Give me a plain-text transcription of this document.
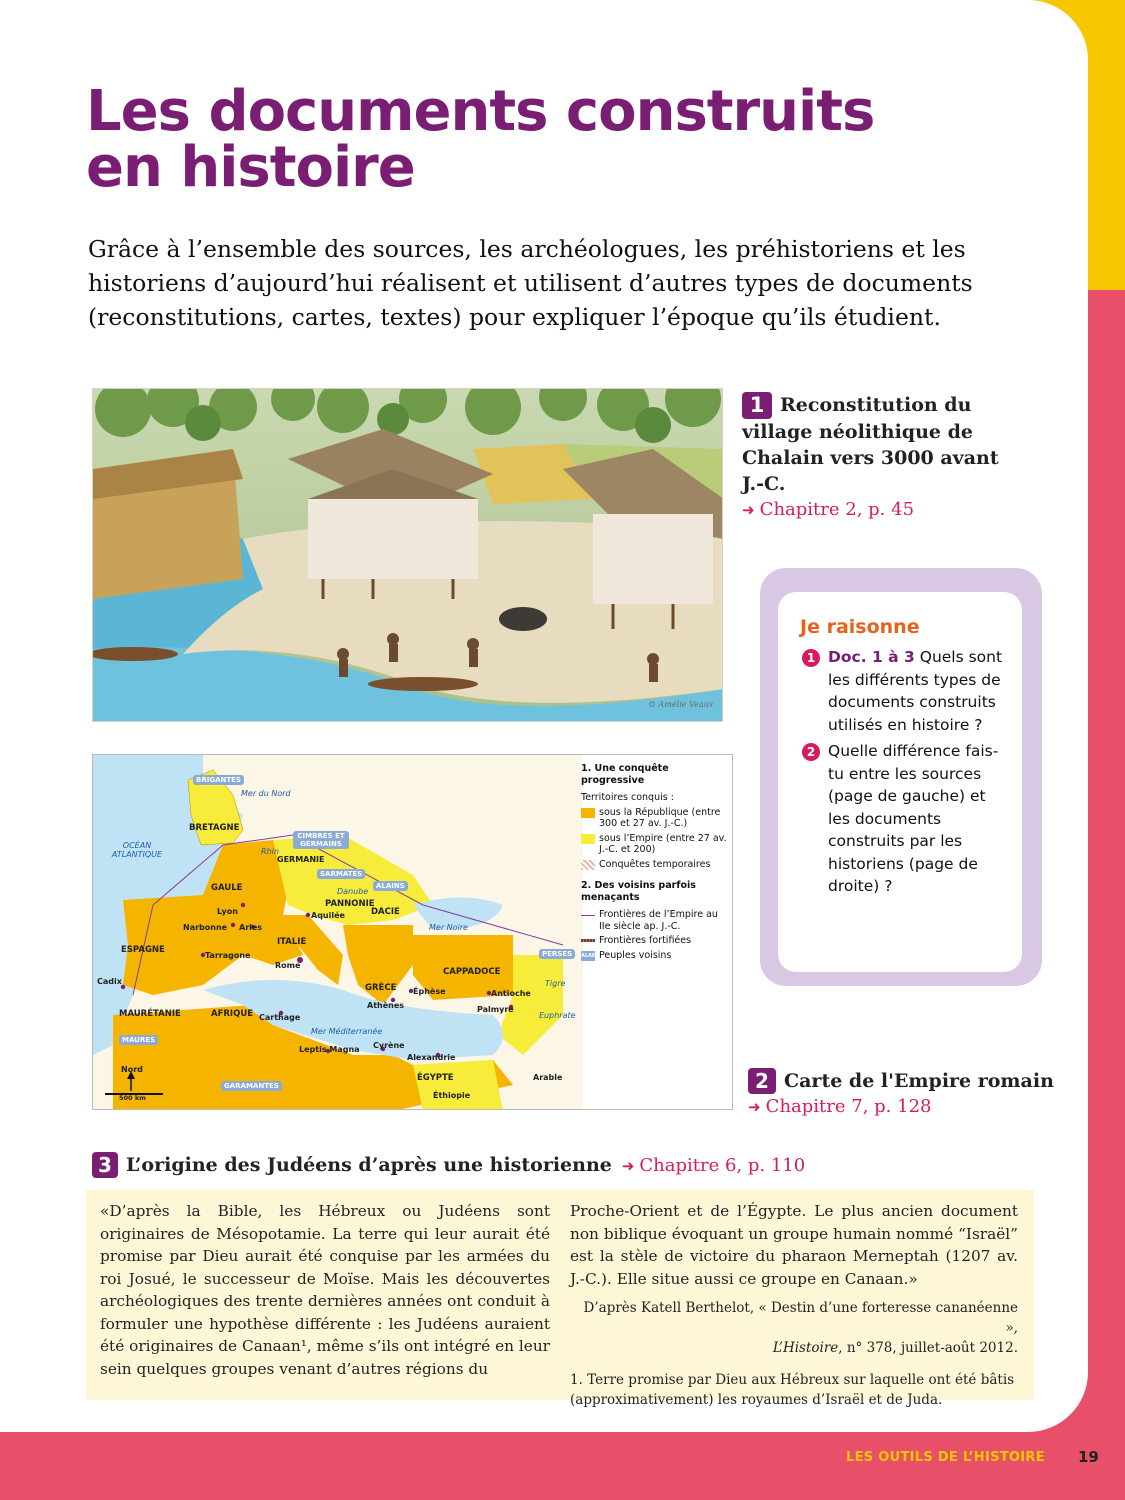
Les documents construits
en histoire

Grâce à l’ensemble des sources, les archéologues, les préhistoriens et les historiens d’aujourd’hui réalisent et utilisent d’autres types de documents (reconstitutions, cartes, textes) pour expliquer l’époque qu’ils étudient.

© Amélie Veaux
1 Reconstitution du village néolithique de Chalain vers 3000 avant J.-C.
➜ Chapitre 2, p. 45
Je raisonne
1 Doc. 1 à 3 Quels sont les différents types de documents construits utilisés en histoire ?
2 Quelle différence fais-tu entre les sources (page de gauche) et les documents construits par les historiens (page de droite) ?
BRIGANTES
Mer du Nord
BRETAGNE
OCÉAN ATLANTIQUE
CIMBRES ET GERMAINS
GERMANIE
Rhin
SARMATES
ALAINS
Danube
GAULE
PANNONIE
DACIE
Lyon	Aquilée
Narbonne Arles
ITALIE
Mer Noire
ESPAGNE
Tarragone
Rome
PERSES
CAPPADOCE
Cadix
GRÈCE Éphèse
Tigre
Antioche
Athènes
Euphrate
MAURÉTANIE	AFRIQUE Carthage
Palmyre
Mer Méditerranée
MAURES
Leptis Magna Cyrène
Alexandrie
Nord
ÉGYPTE	Arable
GARAMANTES
500 km	Éthiopie
1. Une conquête progressive
Territoires conquis :
sous la République (entre 300 et 27 av. J.-C.)
sous l’Empire (entre 27 av. J.-C. et 200)
Conquêtes temporaires
2. Des voisins parfois menaçants
Frontières de l’Empire au IIe siècle ap. J.-C.
Frontières fortifiées
ALANS Peuples voisins
2 Carte de l'Empire romain
➜ Chapitre 7, p. 128
3 L’origine des Judéens d’après une historienne  ➜ Chapitre 6, p. 110
«D’après la Bible, les Hébreux ou Judéens sont originaires de Mésopotamie. La terre qui leur aurait été promise par Dieu aurait été conquise par les armées du roi Josué, le successeur de Moïse. Mais les découvertes archéologiques des trente dernières années ont conduit à formuler une hypothèse différente : les Judéens auraient été originaires de Canaan¹, même s’ils ont intégré en leur sein quelques groupes venant d’autres régions du
Proche-Orient et de l’Égypte. Le plus ancien document non biblique évoquant un groupe humain nommé “Israël” est la stèle de victoire du pharaon Merneptah (1207 av. J.-C.). Elle situe aussi ce groupe en Canaan.»
D’après Katell Berthelot, « Destin d’une forteresse cananéenne »,
L’Histoire, n° 378, juillet-août 2012.
1. Terre promise par Dieu aux Hébreux sur laquelle ont été bâtis (approximativement) les royaumes d’Israël et de Juda.
LES OUTILS DE L’HISTOIRE 19
